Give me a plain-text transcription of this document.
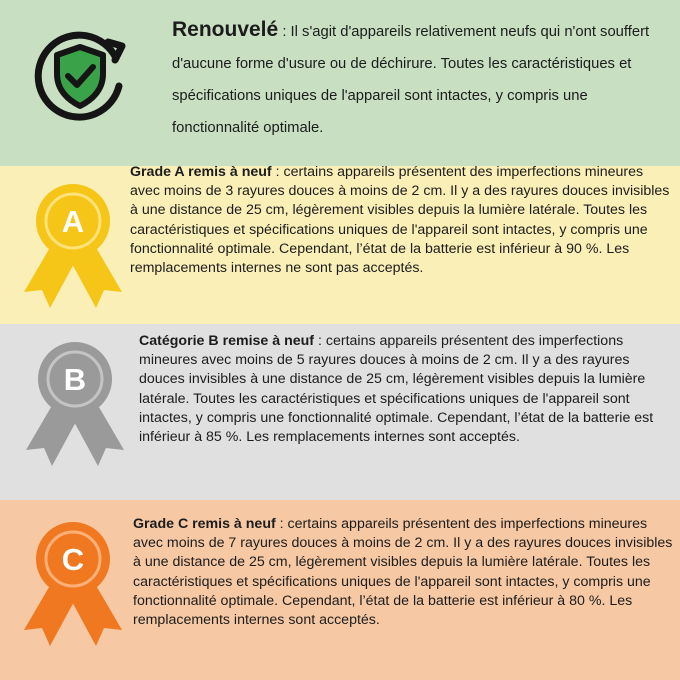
Renouvelé : Il s'agit d'appareils relativement neufs qui n'ont souffert d'aucune forme d'usure ou de déchirure. Toutes les caractéristiques et spécifications uniques de l'appareil sont intactes, y compris une fonctionnalité optimale.
A
Grade A remis à neuf : certains appareils présentent des imperfections mineures avec moins de 3 rayures douces à moins de 2 cm. Il y a des rayures douces invisibles à une distance de 25 cm, légèrement visibles depuis la lumière latérale. Toutes les caractéristiques et spécifications uniques de l'appareil sont intactes, y compris une fonctionnalité optimale. Cependant, l’état de la batterie est inférieur à 90 %. Les remplacements internes ne sont pas acceptés.
B
Catégorie B remise à neuf : certains appareils présentent des imperfections mineures avec moins de 5 rayures douces à moins de 2 cm. Il y a des rayures douces invisibles à une distance de 25 cm, légèrement visibles depuis la lumière latérale. Toutes les caractéristiques et spécifications uniques de l'appareil sont intactes, y compris une fonctionnalité optimale. Cependant, l’état de la batterie est inférieur à 85 %. Les remplacements internes sont acceptés.
C
Grade C remis à neuf : certains appareils présentent des imperfections mineures avec moins de 7 rayures douces à moins de 2 cm. Il y a des rayures douces invisibles à une distance de 25 cm, légèrement visibles depuis la lumière latérale. Toutes les caractéristiques et spécifications uniques de l'appareil sont intactes, y compris une fonctionnalité optimale. Cependant, l’état de la batterie est inférieur à 80 %. Les remplacements internes sont acceptés.
